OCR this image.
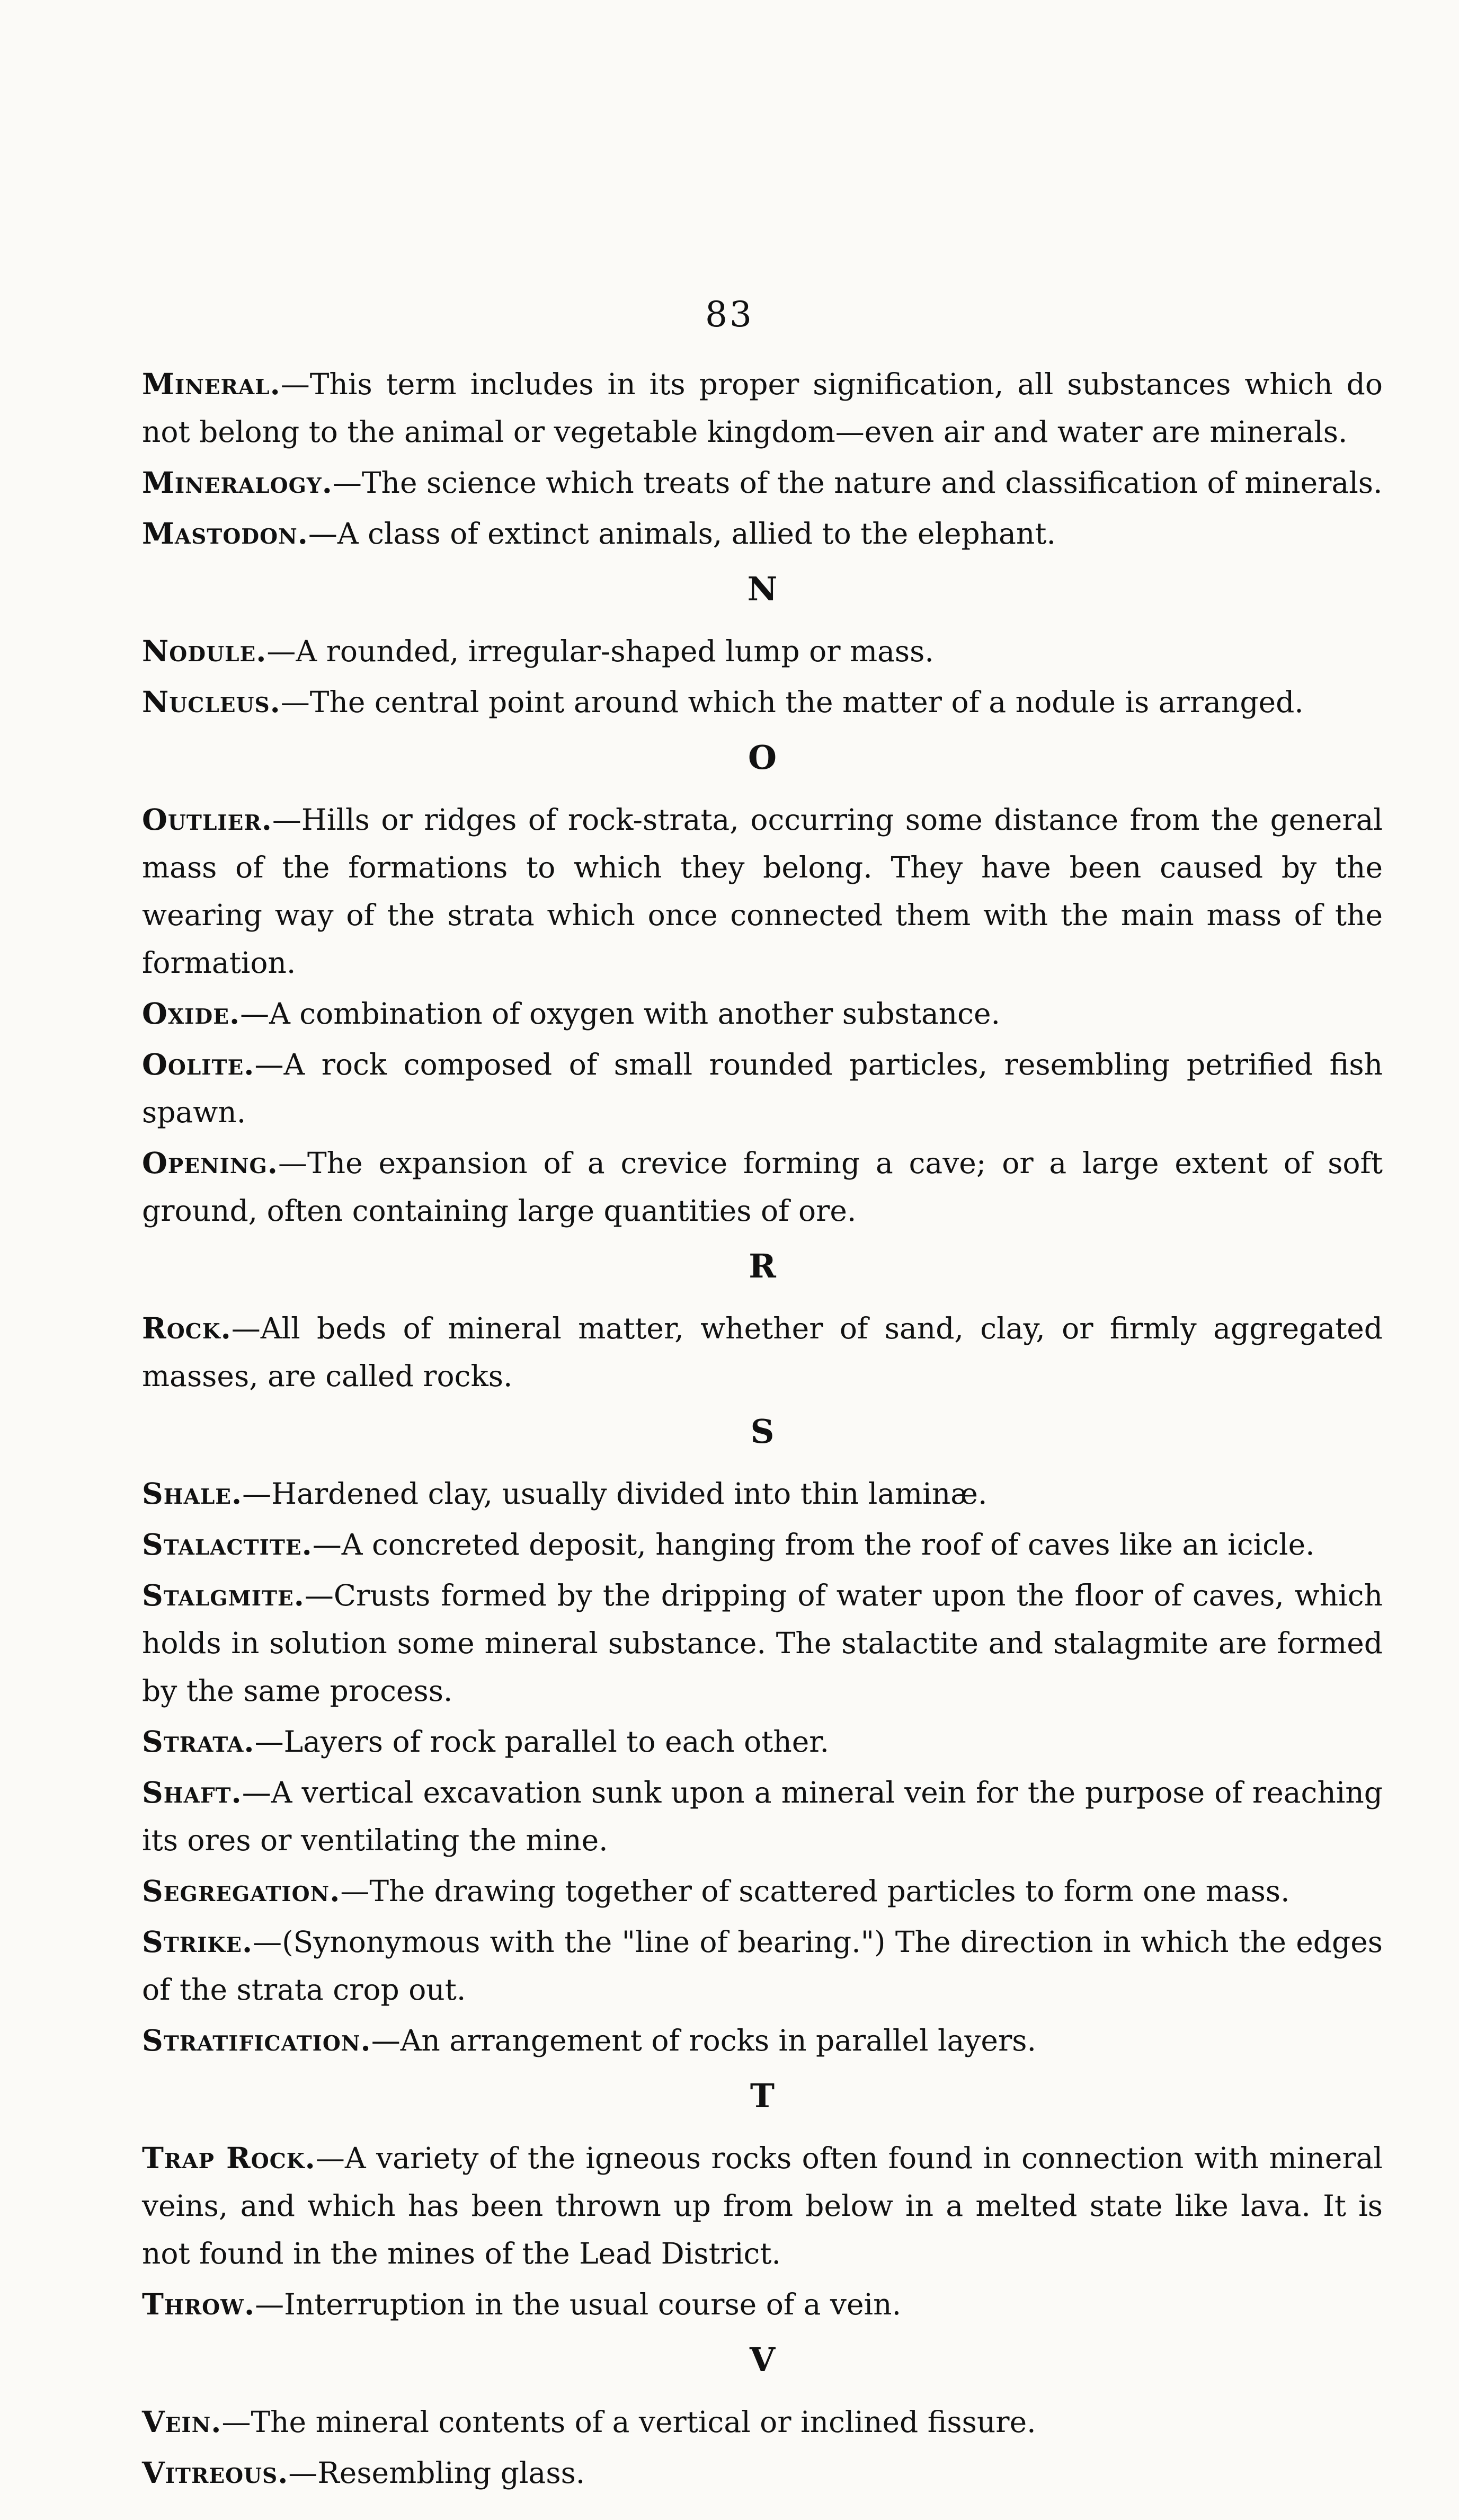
83

Mineral.—This term includes in its proper signification, all substances which do not belong to the animal or vegetable kingdom—even air and water are minerals.

Mineralogy.—The science which treats of the nature and classification of minerals.

Mastodon.—A class of extinct animals, allied to the elephant.

N

Nodule.—A rounded, irregular-shaped lump or mass.

Nucleus.—The central point around which the matter of a nodule is arranged.

O

Outlier.—Hills or ridges of rock-strata, occurring some distance from the general mass of the formations to which they belong. They have been caused by the wearing way of the strata which once connected them with the main mass of the formation.

Oxide.—A combination of oxygen with another substance.

Oolite.—A rock composed of small rounded particles, resembling petrified fish spawn.

Opening.—The expansion of a crevice forming a cave; or a large extent of soft ground, often containing large quantities of ore.

R

Rock.—All beds of mineral matter, whether of sand, clay, or firmly aggregated masses, are called rocks.

S

Shale.—Hardened clay, usually divided into thin laminæ.

Stalactite.—A concreted deposit, hanging from the roof of caves like an icicle.

Stalgmite.—Crusts formed by the dripping of water upon the floor of caves, which holds in solution some mineral substance. The stalactite and stalagmite are formed by the same process.

Strata.—Layers of rock parallel to each other.

Shaft.—A vertical excavation sunk upon a mineral vein for the purpose of reaching its ores or ventilating the mine.

Segregation.—The drawing together of scattered particles to form one mass.

Strike.—(Synonymous with the "line of bearing.") The direction in which the edges of the strata crop out.

Stratification.—An arrangement of rocks in parallel layers.

T

Trap Rock.—A variety of the igneous rocks often found in connection with mineral veins, and which has been thrown up from below in a melted state like lava. It is not found in the mines of the Lead District.

Throw.—Interruption in the usual course of a vein.

V

Vein.—The mineral contents of a vertical or inclined fissure.

Vitreous.—Resembling glass.
